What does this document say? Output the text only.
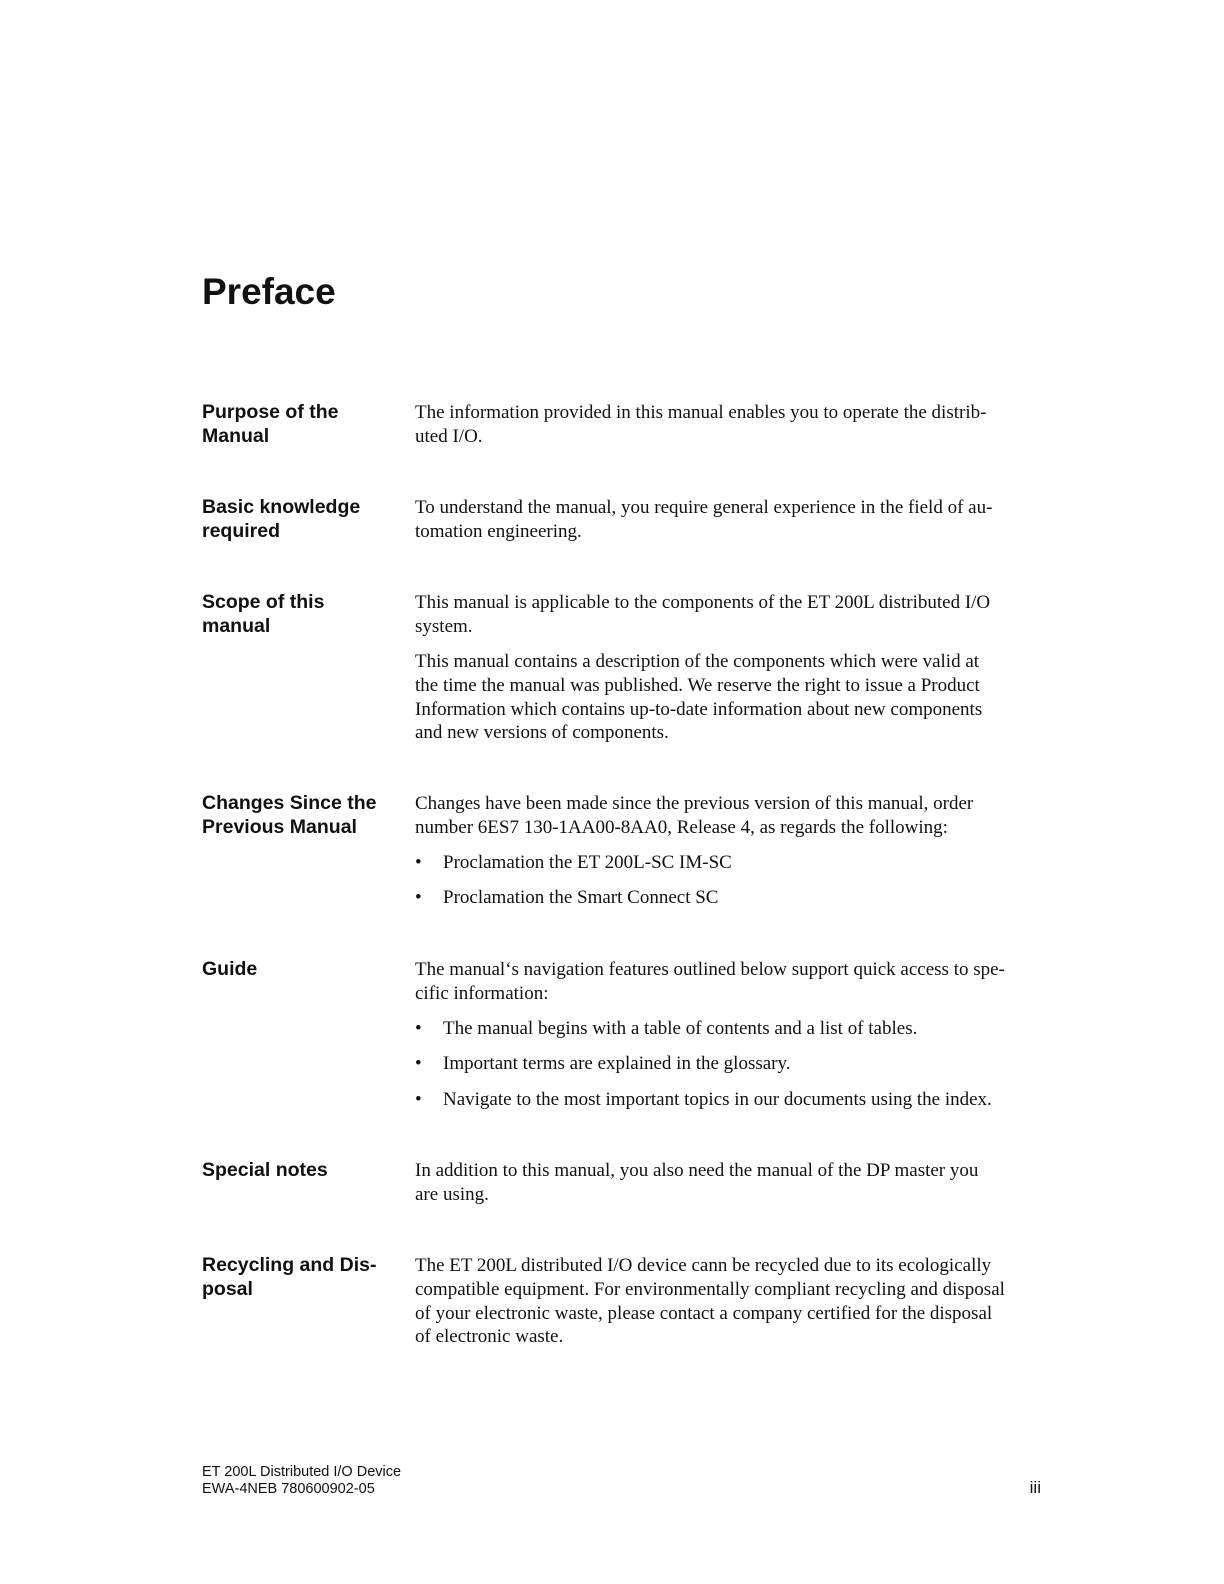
Preface
Purpose of the
Manual

The information provided in this manual enables you to operate the distrib-
uted I/O.

Basic knowledge
required

To understand the manual, you require general experience in the field of au-
tomation engineering.

Scope of this
manual

This manual is applicable to the components of the ET 200L distributed I/O
system.

This manual contains a description of the components which were valid at
the time the manual was published. We reserve the right to issue a Product
Information which contains up-to-date information about new components
and new versions of components.

Changes Since the
Previous Manual

Changes have been made since the previous version of this manual, order
number 6ES7 130-1AA00-8AA0, Release 4, as regards the following:

• Proclamation the ET 200L-SC IM-SC
• Proclamation the Smart Connect SC
Guide	The manual‘s navigation features outlined below support quick access to spe-
cific information:

• The manual begins with a table of contents and a list of tables.
• Important terms are explained in the glossary.
• Navigate to the most important topics in our documents using the index.
Special notes	In addition to this manual, you also need the manual of the DP master you
are using.

Recycling and Dis-
posal

The ET 200L distributed I/O device cann be recycled due to its ecologically
compatible equipment. For environmentally compliant recycling and disposal
of your electronic waste, please contact a company certified for the disposal
of electronic waste.

ET 200L Distributed I/O Device
EWA-4NEB 780600902-05	iii
